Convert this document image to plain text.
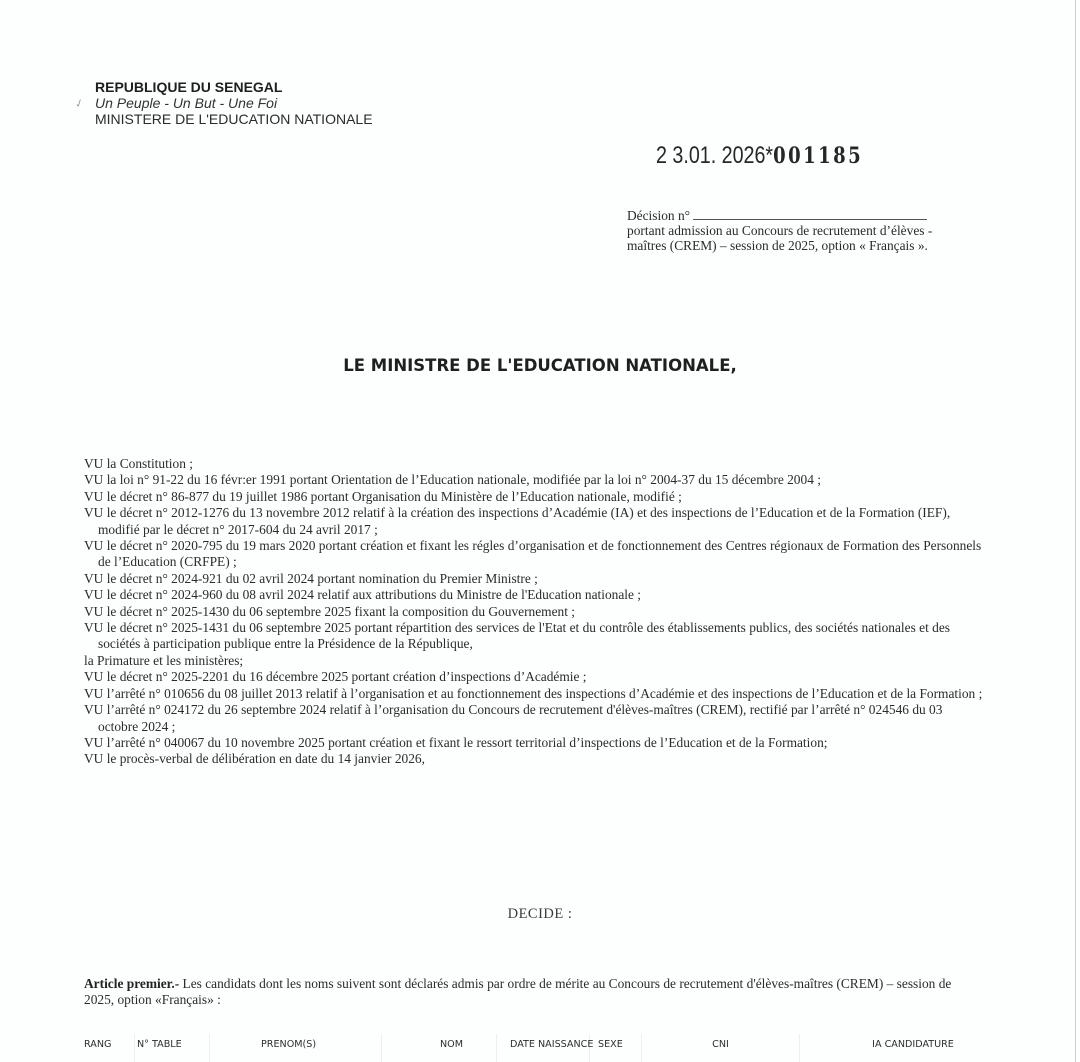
REPUBLIQUE DU SENEGAL
✓ Un Peuple - Un But - Une Foi
MINISTERE DE L'EDUCATION NATIONALE
2 3.01. 2026*001185
Décision n°
portant admission au Concours de recrutement d’élèves - maîtres (CREM) – session de 2025, option « Français ».
LE MINISTRE DE L'EDUCATION NATIONALE,
VU la Constitution ;
VU la loi n° 91-22 du 16 févr:er 1991 portant Orientation de l’Education nationale, modifiée par la loi n° 2004-37 du 15 décembre 2004 ;
VU le décret n° 86-877 du 19 juillet 1986 portant Organisation du Ministère de l’Education nationale, modifié ;
VU le décret n° 2012-1276 du 13 novembre 2012 relatif à la création des inspections d’Académie (IA) et des inspections de l’Education et de la Formation (IEF), modifié par le décret n° 2017-604 du 24 avril 2017 ;
VU le décret n° 2020-795 du 19 mars 2020 portant création et fixant les régles d’organisation et de fonctionnement des Centres régionaux de Formation des Personnels de l’Education (CRFPE) ;
VU le décret n° 2024-921 du 02 avril 2024 portant nomination du Premier Ministre ;
VU le décret n° 2024-960 du 08 avril 2024 relatif aux attributions du Ministre de l'Education nationale ;
VU le décret n° 2025-1430 du 06 septembre 2025 fixant la composition du Gouvernement ;
VU le décret n° 2025-1431 du 06 septembre 2025 portant répartition des services de l'Etat et du contrôle des établissements publics, des sociétés nationales et des sociétés à participation publique entre la Présidence de la République,
la Primature et les ministères;
VU le décret n° 2025-2201 du 16 décembre 2025 portant création d’inspections d’Académie ;
VU l’arrêté n° 010656 du 08 juillet 2013 relatif à l’organisation et au fonctionnement des inspections d’Académie et des inspections de l’Education et de la Formation ;
VU l’arrêté n° 024172 du 26 septembre 2024 relatif à l’organisation du Concours de recrutement d'élèves-maîtres (CREM), rectifié par l’arrêté n° 024546 du 03 octobre 2024 ;
VU l’arrêté n° 040067 du 10 novembre 2025 portant création et fixant le ressort territorial d’inspections de l’Education et de la Formation;
VU le procès-verbal de délibération en date du 14 janvier 2026,
DECIDE :
Article premier.- Les candidats dont les noms suivent sont déclarés admis par ordre de mérite au Concours de recrutement d'élèves-maîtres (CREM) – session de 2025, option «Français» :
RANG	N° TABLE	PRENOM(S)	NOM	DATE NAISSANCE SEXE	CNI	IA CANDIDATURE
